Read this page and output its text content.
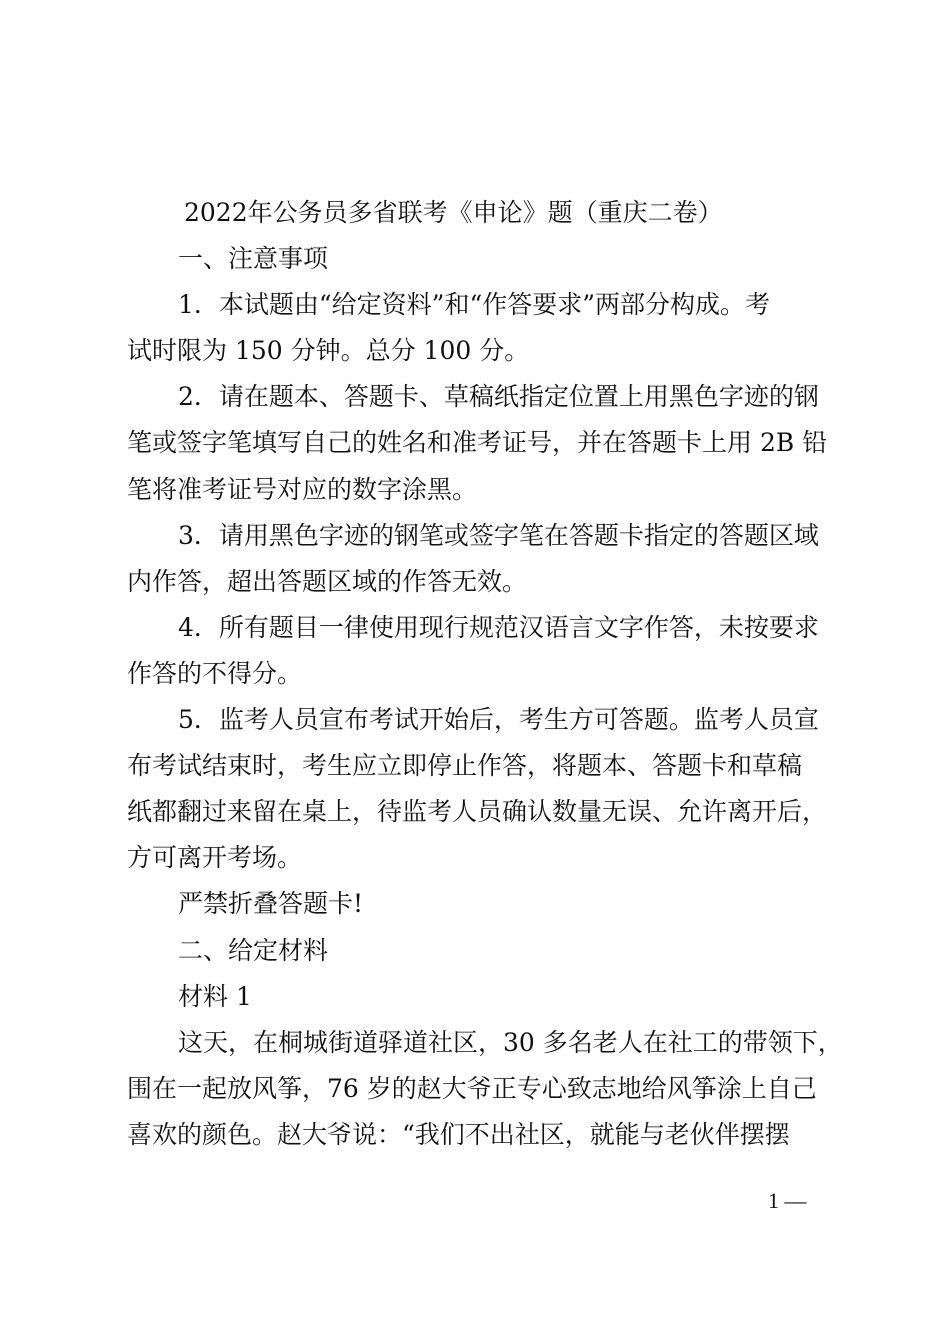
2022年公务员多省联考《申论》题（重庆二卷）
一、注意事项
1．本试题由“给定资料”和“作答要求”两部分构成。考
试时限为 150 分钟。总分 100 分。
2．请在题本、答题卡、草稿纸指定位置上用黑色字迹的钢
笔或签字笔填写自己的姓名和准考证号，并在答题卡上用 2B 铅
笔将准考证号对应的数字涂黑。
3．请用黑色字迹的钢笔或签字笔在答题卡指定的答题区域
内作答，超出答题区域的作答无效。
4．所有题目一律使用现行规范汉语言文字作答，未按要求
作答的不得分。
5．监考人员宣布考试开始后，考生方可答题。监考人员宣
布考试结束时，考生应立即停止作答，将题本、答题卡和草稿
纸都翻过来留在桌上，待监考人员确认数量无误、允许离开后，
方可离开考场。
严禁折叠答题卡!
二、给定材料
材料 1
这天，在桐城街道驿道社区，30 多名老人在社工的带领下，
围在一起放风筝，76 岁的赵大爷正专心致志地给风筝涂上自己
喜欢的颜色。赵大爷说：“我们不出社区，就能与老伙伴摆摆
1 —
